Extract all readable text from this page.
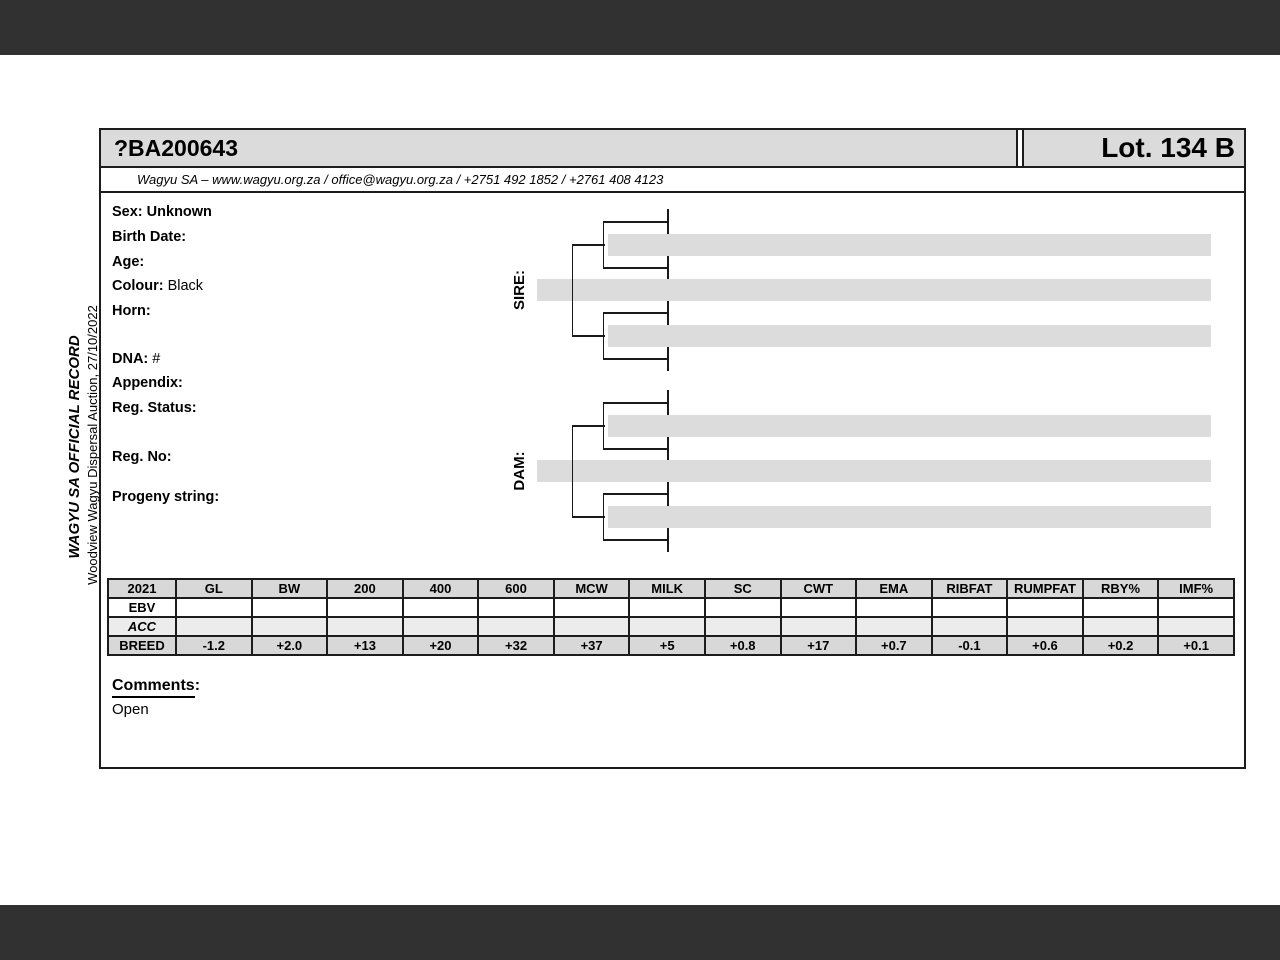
WAGYU SA OFFICIAL RECORD Woodview Wagyu Dispersal Auction, 27/10/2022
?BA200643	Lot. 134 B
Wagyu SA – www.wagyu.org.za / office@wagyu.org.za / +2751 492 1852 / +2761 408 4123
Sex: Unknown
Birth Date:
Age:
Colour: Black
Horn:
DNA: #
Appendix:
Reg. Status:
Reg. No:
Progeny string:
SIRE:
DAM:
2021	GL	BW	200	400	600	MCW	MILK	SC	CWT	EMA	RIBFAT	RUMPFAT	RBY%	IMF%
EBV														
ACC														
BREED	-1.2	+2.0	+13	+20	+32	+37	+5	+0.8	+17	+0.7	-0.1	+0.6	+0.2	+0.1
Comments:
Open
